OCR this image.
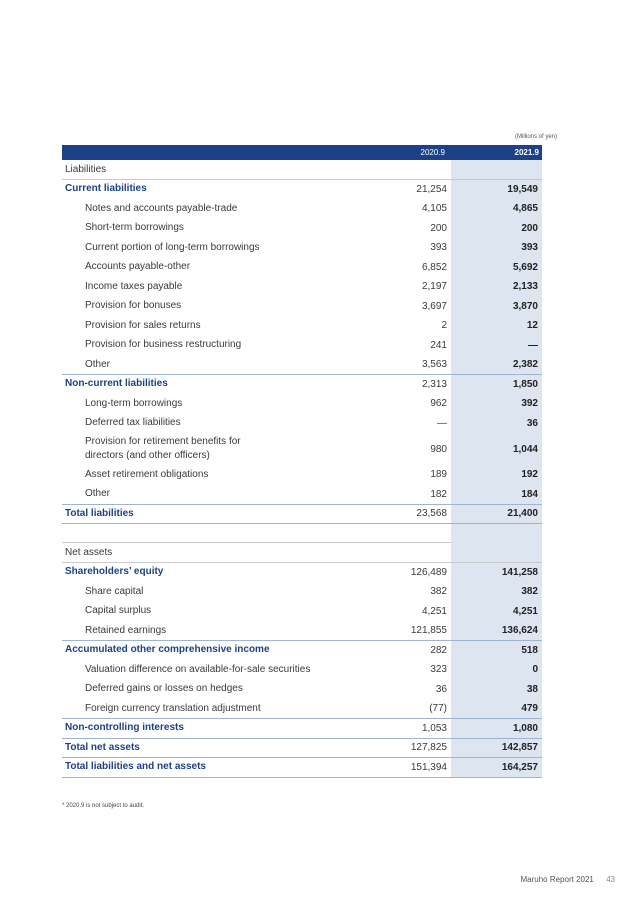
(Millions of yen)
2020.9	2021.9
Liabilities
Current liabilities	21,254	19,549
Notes and accounts payable-trade	4,105	4,865
Short-term borrowings	200	200
Current portion of long-term borrowings	393	393
Accounts payable-other	6,852	5,692
Income taxes payable	2,197	2,133
Provision for bonuses	3,697	3,870
Provision for sales returns	2	12
Provision for business restructuring	241	—
Other	3,563	2,382
Non-current liabilities	2,313	1,850
Long-term borrowings	962	392
Deferred tax liabilities	—	36
Provision for retirement benefits for
directors (and other officers)
980	1,044
Asset retirement obligations	189	192
Other	182	184
Total liabilities	23,568	21,400
Net assets
Shareholders’ equity	126,489	141,258
Share capital	382	382
Capital surplus	4,251	4,251
Retained earnings	121,855	136,624
Accumulated other comprehensive income	282	518
Valuation difference on available-for-sale securities	323	0
Deferred gains or losses on hedges	36	38
Foreign currency translation adjustment	(77)	479
Non-controlling interests	1,053	1,080
Total net assets	127,825	142,857
Total liabilities and net assets	151,394	164,257
* 2020.9 is not subject to audit.
Maruho Report 2021 43
